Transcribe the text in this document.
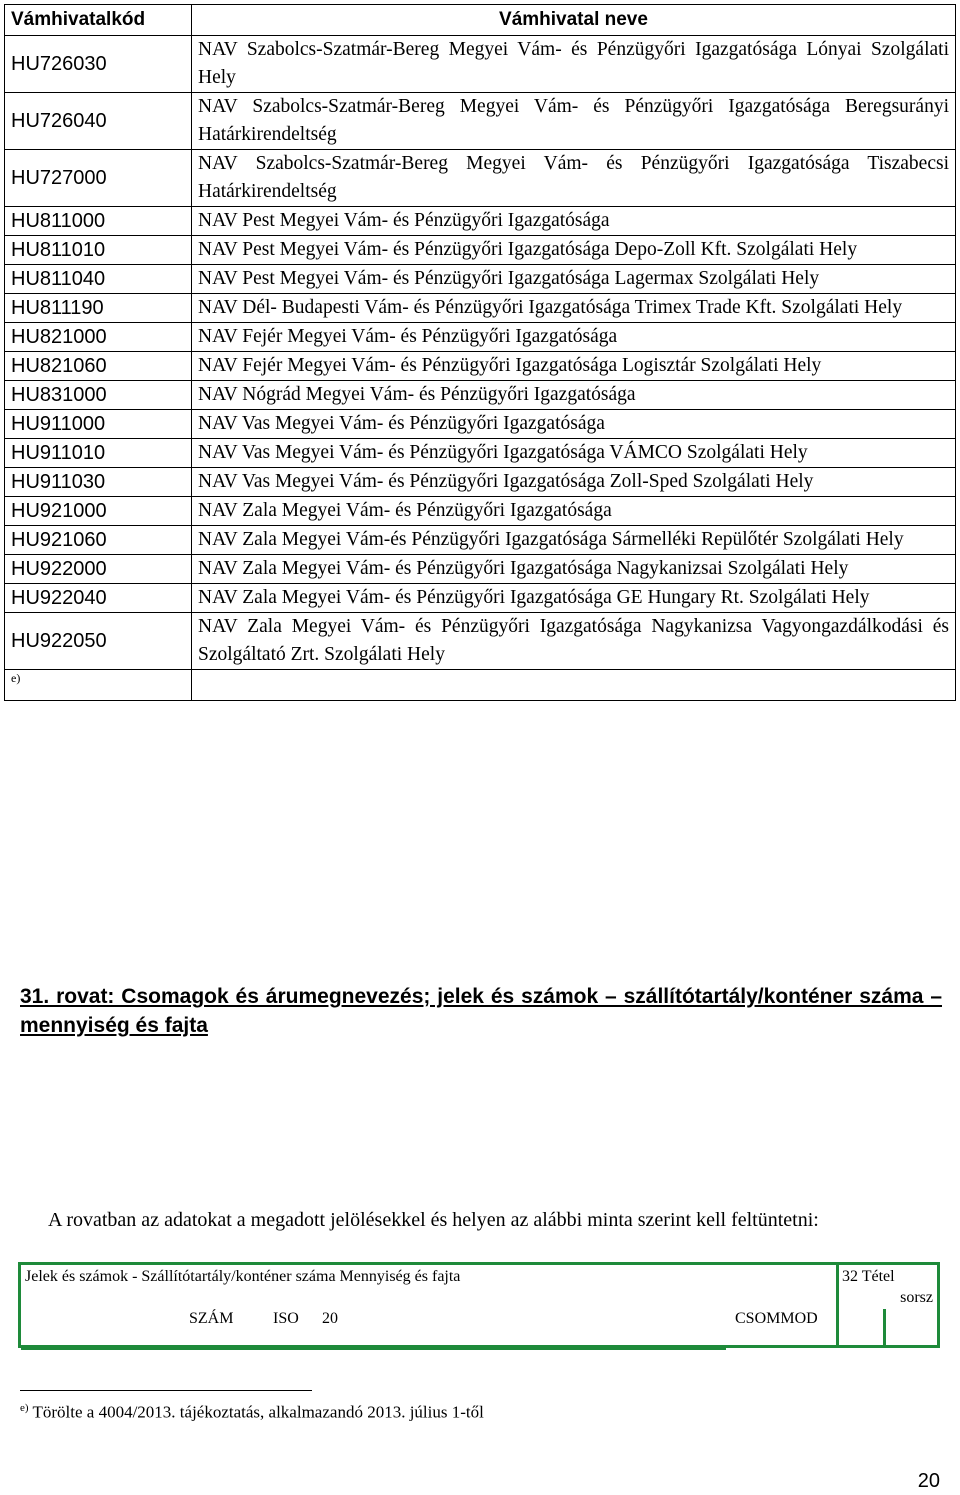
Vámhivatalkód	Vámhivatal neve
HU726030	NAV Szabolcs-Szatmár-Bereg Megyei Vám- és Pénzügyőri Igazgatósága Lónyai Szolgálati Hely
HU726040	NAV Szabolcs-Szatmár-Bereg Megyei Vám- és Pénzügyőri Igazgatósága Beregsurányi Határkirendeltség
HU727000	NAV Szabolcs-Szatmár-Bereg Megyei Vám- és Pénzügyőri Igazgatósága Tiszabecsi Határkirendeltség
HU811000	NAV Pest Megyei Vám- és Pénzügyőri Igazgatósága
HU811010	NAV Pest Megyei Vám- és Pénzügyőri Igazgatósága Depo-Zoll Kft. Szolgálati Hely
HU811040	NAV Pest Megyei Vám- és Pénzügyőri Igazgatósága Lagermax Szolgálati Hely
HU811190	NAV Dél- Budapesti Vám- és Pénzügyőri Igazgatósága Trimex Trade Kft. Szolgálati Hely
HU821000	NAV Fejér Megyei Vám- és Pénzügyőri Igazgatósága
HU821060	NAV Fejér Megyei Vám- és Pénzügyőri Igazgatósága Logisztár Szolgálati Hely
HU831000	NAV Nógrád Megyei Vám- és Pénzügyőri Igazgatósága
HU911000	NAV Vas Megyei Vám- és Pénzügyőri Igazgatósága
HU911010	NAV Vas Megyei Vám- és Pénzügyőri Igazgatósága VÁMCO Szolgálati Hely
HU911030	NAV Vas Megyei Vám- és Pénzügyőri Igazgatósága Zoll-Sped Szolgálati Hely
HU921000	NAV Zala Megyei Vám- és Pénzügyőri Igazgatósága
HU921060	NAV Zala Megyei Vám-és Pénzügyőri Igazgatósága Sármelléki Repülőtér Szolgálati Hely
HU922000	NAV Zala Megyei Vám- és Pénzügyőri Igazgatósága Nagykanizsai Szolgálati Hely
HU922040	NAV Zala Megyei Vám- és Pénzügyőri Igazgatósága GE Hungary Rt. Szolgálati Hely
HU922050	NAV Zala Megyei Vám- és Pénzügyőri Igazgatósága Nagykanizsa Vagyongazdálkodási és Szolgáltató Zrt. Szolgálati Hely
$^{e)}$	

31. rovat: Csomagok és árumegnevezés; jelek és számok – szállítótartály/konténer száma – mennyiség és fajta

A rovatban az adatokat a megadott jelölésekkel és helyen az alábbi minta szerint kell feltüntetni:

Jelek és számok - Szállítótartály/konténer száma Mennyiség és fajta	32 Tétel
sorsz
SZÁM ISO 20	CSOMMOD

$^{e)}$ Törölte a 4004/2013. tájékoztatás, alkalmazandó 2013. július 1-től

20
